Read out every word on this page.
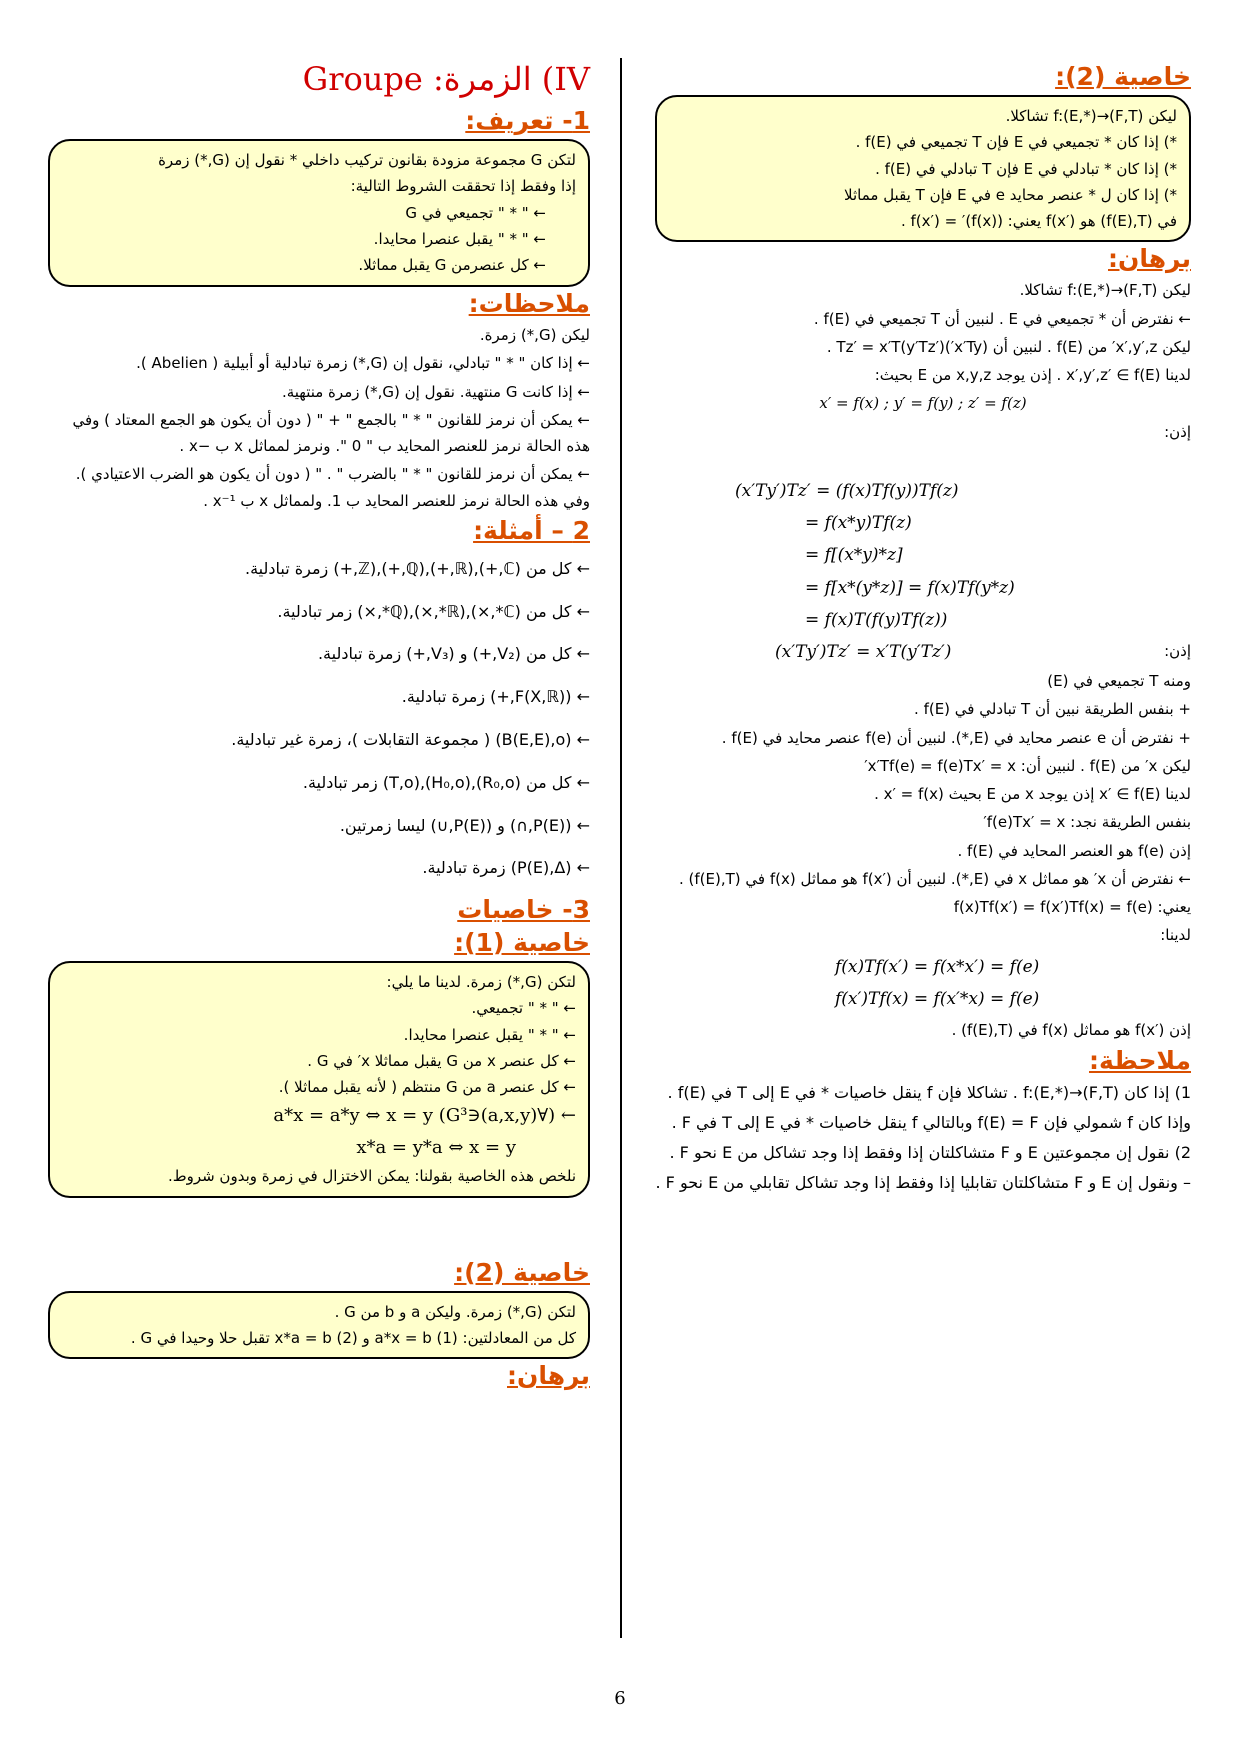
IV) الزمرة: Groupe
1- تعريف:
لتكن G مجموعة مزودة بقانون تركيب داخلي * نقول إن (G,*) زمرة
إذا وفقط إذا تحققت الشروط التالية:
← " * " تجميعي في G
← " * " يقبل عنصرا محايدا.
← كل عنصرمن G يقبل مماثلا.
ملاحظات:
ليكن (G,*) زمرة.
← إذا كان " * " تبادلي، نقول إن (G,*) زمرة تبادلية أو أبيلية ( Abelien ).
← إذا كانت G منتهية. نقول إن (G,*) زمرة منتهية.
← يمكن أن نرمز للقانون " * " بالجمع " + " ( دون أن يكون هو الجمع المعتاد ) وفي هذه الحالة نرمز للعنصر المحايد ب " 0 ". ونرمز لمماثل x ب −x .
← يمكن أن نرمز للقانون " * " بالضرب " . " ( دون أن يكون هو الضرب الاعتيادي ). وفي هذه الحالة نرمز للعنصر المحايد ب 1. ولمماثل x ب x⁻¹ .
2 – أمثلة:
← كل من (ℂ,+),(ℝ,+),(ℚ,+),(ℤ,+) زمرة تبادلية.
← كل من (ℂ*,×),(ℝ*,×),(ℚ*,×) زمر تبادلية.
← كل من (V₂,+) و (V₃,+) زمرة تبادلية.
← (F(X,ℝ),+) زمرة تبادلية.
← (B(E,E),o) ( مجموعة التقابلات )، زمرة غير تبادلية.
← كل من (R₀,o),(H₀,o),(T,o) زمر تبادلية.
← (P(E),∩) و (P(E),∪) ليسا زمرتين.
← (P(E),Δ) زمرة تبادلية.
3- خاصيات
خاصية (1):
لتكن (G,*) زمرة. لدينا ما يلي:
← " * " تجميعي.
← " * " يقبل عنصرا محايدا.
← كل عنصر x من G يقبل مماثلا x′ في G .
← كل عنصر a من G منتظم ( لأنه يقبل مماثلا ).
← (∀(a,x,y)∈G³) a*x = a*y ⇔ x = y
x*a = y*a ⇔ x = y
نلخص هذه الخاصية بقولنا: يمكن الاختزال في زمرة وبدون شروط.
خاصية (2):
لتكن (G,*) زمرة. وليكن a و b من G .
كل من المعادلتين: a*x = b (1) و x*a = b (2) تقبل حلا وحيدا في G .
برهان:
خاصية (2):
ليكن f:(E,*)→(F,T) تشاكلا.
*) إذا كان * تجميعي في E فإن T تجميعي في f(E) .
*) إذا كان * تبادلي في E فإن T تبادلي في f(E) .
*) إذا كان ل * عنصر محايد e في E فإن T يقبل مماثلا
في (f(E),T) هو f(x′) يعني: (f(x))′ = f(x′) .
برهان:
ليكن f:(E,*)→(F,T) تشاكلا.
← نفترض أن * تجميعي في E . لنبين أن T تجميعي في f(E) .
ليكن x′,y′,z′ من f(E) . لنبين أن (x′Ty′)Tz′ = x′T(y′Tz′) .
لدينا x′,y′,z′ ∈ f(E) . إذن يوجد x,y,z من E بحيث:
x′ = f(x) ; y′ = f(y) ; z′ = f(z)
إذن:
(x′Ty′)Tz′ = (f(x)Tf(y))Tf(z)
= f(x*y)Tf(z)
= f[(x*y)*z]
= f[x*(y*z)] = f(x)Tf(y*z)
= f(x)T(f(y)Tf(z))
إذن:
(x′Ty′)Tz′ = x′T(y′Tz′)
ومنه T تجميعي في (E)
+ بنفس الطريقة نبين أن T تبادلي في f(E) .
+ نفترض أن e عنصر محايد في (E,*). لنبين أن f(e) عنصر محايد في f(E) .
ليكن x′ من f(E) . لنبين أن: x′Tf(e) = f(e)Tx′ = x′
لدينا x′ ∈ f(E) إذن يوجد x من E بحيث x′ = f(x) .
بنفس الطريقة نجد: f(e)Tx′ = x′
إذن f(e) هو العنصر المحايد في f(E) .
← نفترض أن x′ هو مماثل x في (E,*). لنبين أن f(x′) هو مماثل f(x) في (f(E),T) .
يعني: f(x)Tf(x′) = f(x′)Tf(x) = f(e)
لدينا:
f(x)Tf(x′) = f(x*x′) = f(e)
f(x′)Tf(x) = f(x′*x) = f(e)
إذن f(x′) هو مماثل f(x) في (f(E),T) .
ملاحظة:
1) إذا كان f:(E,*)→(F,T) . تشاكلا فإن f ينقل خاصيات * في E إلى T في f(E) .
وإذا كان f شمولي فإن f(E) = F وبالتالي f ينقل خاصيات * في E إلى T في F .
2) نقول إن مجموعتين E و F متشاكلتان إذا وفقط إذا وجد تشاكل من E نحو F .
– ونقول إن E و F متشاكلتان تقابليا إذا وفقط إذا وجد تشاكل تقابلي من E نحو F .
6
